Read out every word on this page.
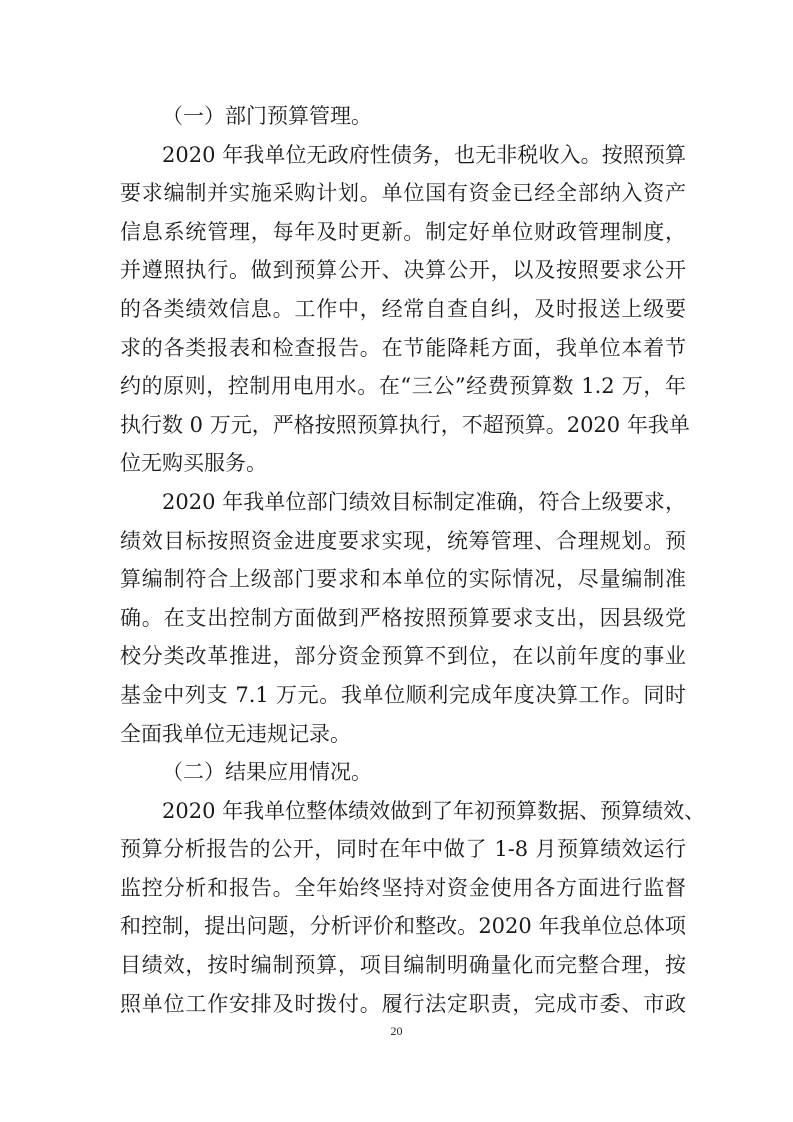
（一）部门预算管理。
2020 年我单位无政府性债务，也无非税收入。按照预算
要求编制并实施采购计划。单位国有资金已经全部纳入资产
信息系统管理，每年及时更新。制定好单位财政管理制度，
并遵照执行。做到预算公开、决算公开，以及按照要求公开
的各类绩效信息。工作中，经常自查自纠，及时报送上级要
求的各类报表和检查报告。在节能降耗方面，我单位本着节
约的原则，控制用电用水。在“三公”经费预算数 1.2 万，年
执行数 0 万元，严格按照预算执行，不超预算。2020 年我单
位无购买服务。
2020 年我单位部门绩效目标制定准确，符合上级要求，
绩效目标按照资金进度要求实现，统筹管理、合理规划。预
算编制符合上级部门要求和本单位的实际情况，尽量编制准
确。在支出控制方面做到严格按照预算要求支出，因县级党
校分类改革推进，部分资金预算不到位，在以前年度的事业
基金中列支 7.1 万元。我单位顺利完成年度决算工作。同时
全面我单位无违规记录。
（二）结果应用情况。
2020 年我单位整体绩效做到了年初预算数据、预算绩效、
预算分析报告的公开，同时在年中做了 1-8 月预算绩效运行
监控分析和报告。全年始终坚持对资金使用各方面进行监督
和控制，提出问题，分析评价和整改。2020 年我单位总体项
目绩效，按时编制预算，项目编制明确量化而完整合理，按
照单位工作安排及时拨付。履行法定职责，完成市委、市政
20
